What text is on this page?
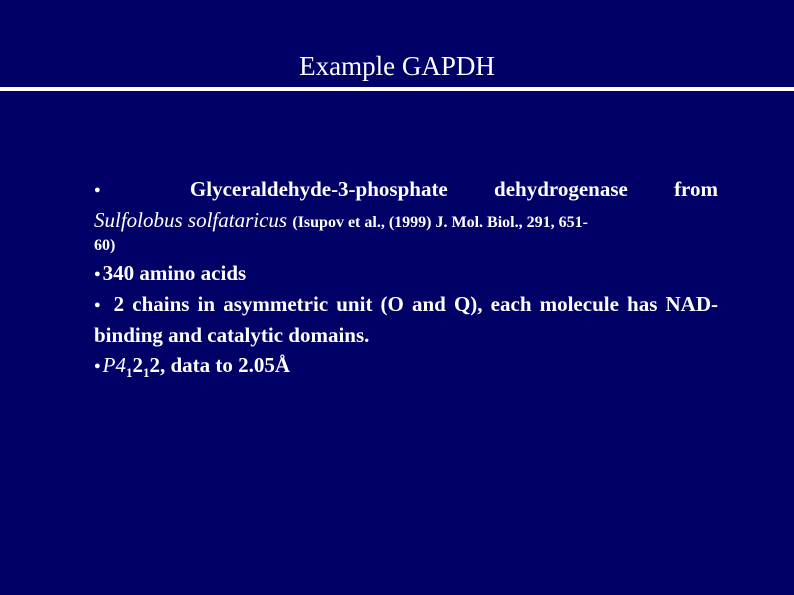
Example GAPDH

● Glyceraldehyde-3-phosphate dehydrogenase from

Sulfolobus solfataricus (Isupov et al., (1999) J. Mol. Biol., 291, 651-
60)

●340 amino acids

● 2 chains in asymmetric unit (O and Q), each molecule has NAD-binding and catalytic domains.

$●P4_12_12$, data to 2.05Å
